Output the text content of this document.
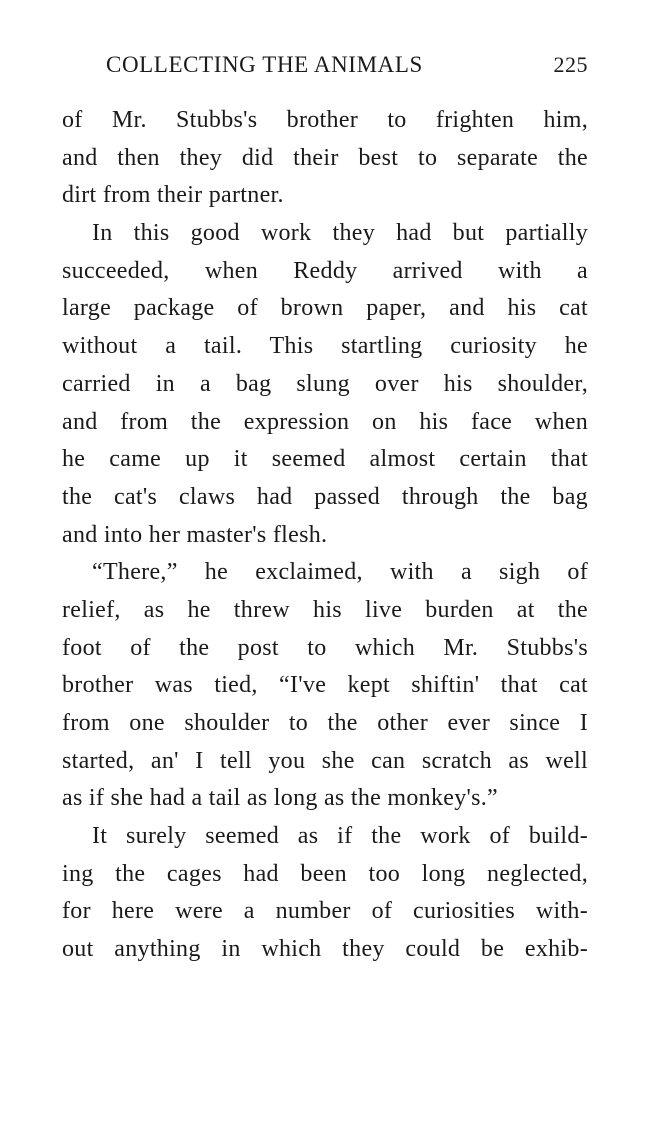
COLLECTING THE ANIMALS	225
of Mr. Stubbs's brother to frighten him,
and then they did their best to separate the
dirt from their partner.
In this good work they had but partially
succeeded, when Reddy arrived with a
large package of brown paper, and his cat
without a tail. This startling curiosity he
carried in a bag slung over his shoulder,
and from the expression on his face when
he came up it seemed almost certain that
the cat's claws had passed through the bag
and into her master's flesh.
“There,” he exclaimed, with a sigh of
relief, as he threw his live burden at the
foot of the post to which Mr. Stubbs's
brother was tied, “I've kept shiftin' that cat
from one shoulder to the other ever since I
started, an' I tell you she can scratch as well
as if she had a tail as long as the monkey's.”
It surely seemed as if the work of build-
ing the cages had been too long neglected,
for here were a number of curiosities with-
out anything in which they could be exhib-
